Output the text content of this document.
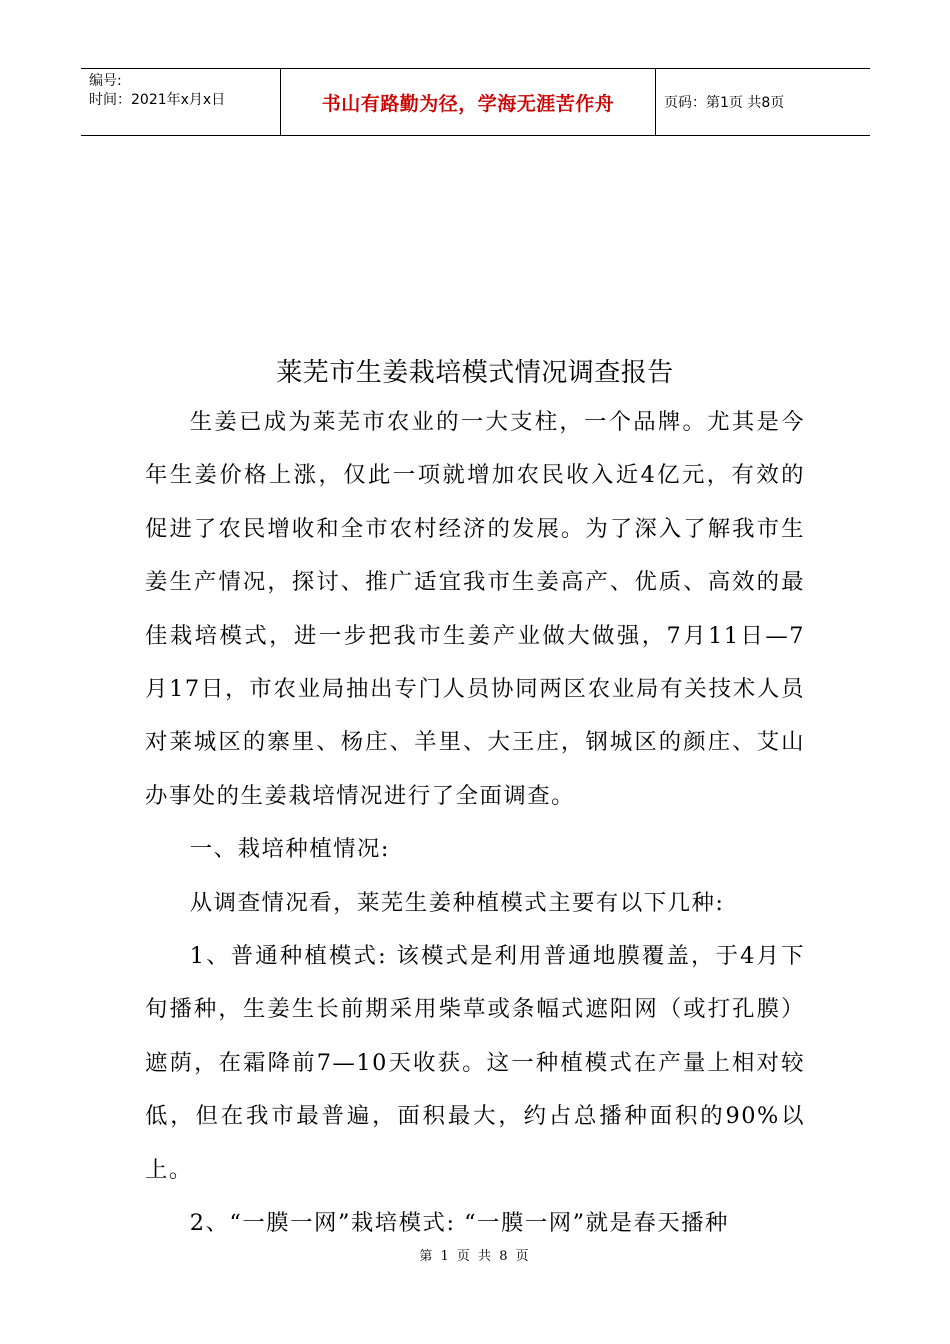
编号:
时间：2021年x月x日	书山有路勤为径，学海无涯苦作舟	页码：第1页 共8页
莱芜市生姜栽培模式情况调查报告

生姜已成为莱芜市农业的一大支柱，一个品牌。尤其是今年生姜价格上涨，仅此一项就增加农民收入近4亿元，有效的促进了农民增收和全市农村经济的发展。为了深入了解我市生姜生产情况，探讨、推广适宜我市生姜高产、优质、高效的最佳栽培模式，进一步把我市生姜产业做大做强，7月11日—7月17日，市农业局抽出专门人员协同两区农业局有关技术人员对莱城区的寨里、杨庄、羊里、大王庄，钢城区的颜庄、艾山办事处的生姜栽培情况进行了全面调查。

一、栽培种植情况:

从调查情况看，莱芜生姜种植模式主要有以下几种:

1、普通种植模式: 该模式是利用普通地膜覆盖，于4月下旬播种，生姜生长前期采用柴草或条幅式遮阳网（或打孔膜）遮荫，在霜降前7—10天收获。这一种植模式在产量上相对较低，但在我市最普遍，面积最大，约占总播种面积的90%以上。

2、“一膜一网”栽培模式: “一膜一网”就是春天播种

第 1 页 共 8 页
